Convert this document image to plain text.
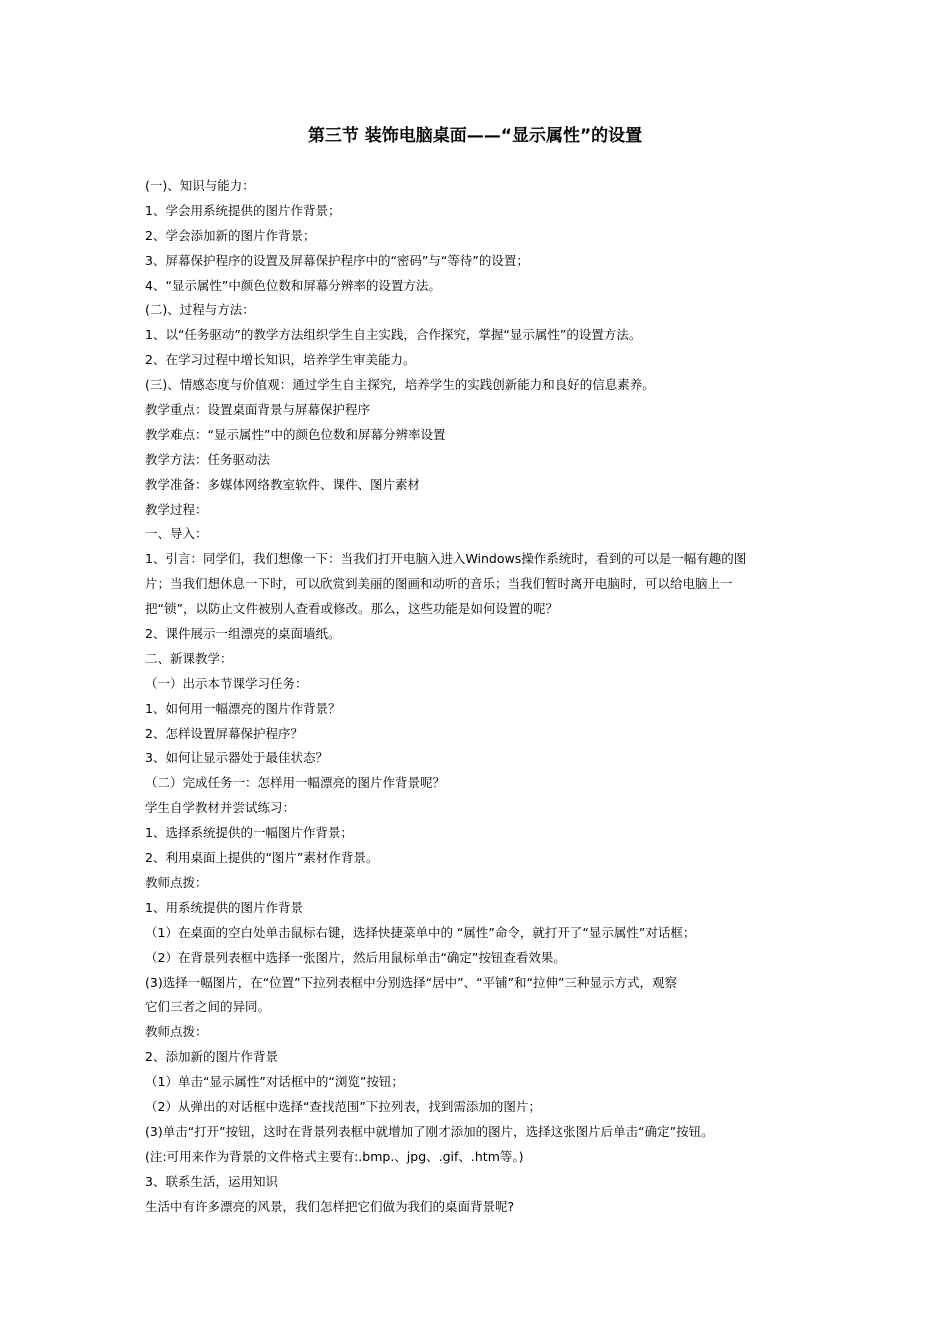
第三节 装饰电脑桌面——“显示属性”的设置
(一)、知识与能力：
1、学会用系统提供的图片作背景；
2、学会添加新的图片作背景；
3、屏幕保护程序的设置及屏幕保护程序中的“密码”与“等待”的设置；
4、“显示属性”中颜色位数和屏幕分辨率的设置方法。
(二)、过程与方法：
1、以“任务驱动”的教学方法组织学生自主实践，合作探究，掌握“显示属性”的设置方法。
2、在学习过程中增长知识，培养学生审美能力。
(三)、情感态度与价值观：通过学生自主探究，培养学生的实践创新能力和良好的信息素养。
教学重点：设置桌面背景与屏幕保护程序
教学难点：“显示属性”中的颜色位数和屏幕分辨率设置
教学方法：任务驱动法
教学准备：多媒体网络教室软件、课件、图片素材
教学过程：
一、导入：
1、引言：同学们，我们想像一下：当我们打开电脑入进入Windows操作系统时，看到的可以是一幅有趣的图
片；当我们想休息一下时，可以欣赏到美丽的图画和动听的音乐；当我们暂时离开电脑时，可以给电脑上一
把“锁”，以防止文件被别人查看或修改。那么，这些功能是如何设置的呢？
2、课件展示一组漂亮的桌面墙纸。
二、新课教学：
（一）出示本节课学习任务：
1、如何用一幅漂亮的图片作背景？
2、怎样设置屏幕保护程序？
3、如何让显示器处于最佳状态？
（二）完成任务一：怎样用一幅漂亮的图片作背景呢？
学生自学教材并尝试练习：
1、选择系统提供的一幅图片作背景；
2、利用桌面上提供的“图片”素材作背景。
教师点拨：
1、用系统提供的图片作背景
（1）在桌面的空白处单击鼠标右键，选择快捷菜单中的 “属性”命令，就打开了“显示属性”对话框；
（2）在背景列表框中选择一张图片，然后用鼠标单击“确定”按钮查看效果。
(3)选择一幅图片，在“位置”下拉列表框中分别选择“居中”、“平铺”和“拉伸”三种显示方式，观察
它们三者之间的异同。
教师点拨：
2、添加新的图片作背景
（1）单击“显示属性”对话框中的“浏览”按钮；
（2）从弹出的对话框中选择“查找范围”下拉列表，找到需添加的图片；
(3)单击“打开”按钮，这时在背景列表框中就增加了刚才添加的图片，选择这张图片后单击“确定”按钮。
(注:可用来作为背景的文件格式主要有:.bmp.、jpg、.gif、.htm等。)
3、联系生活，运用知识
生活中有许多漂亮的风景，我们怎样把它们做为我们的桌面背景呢?
